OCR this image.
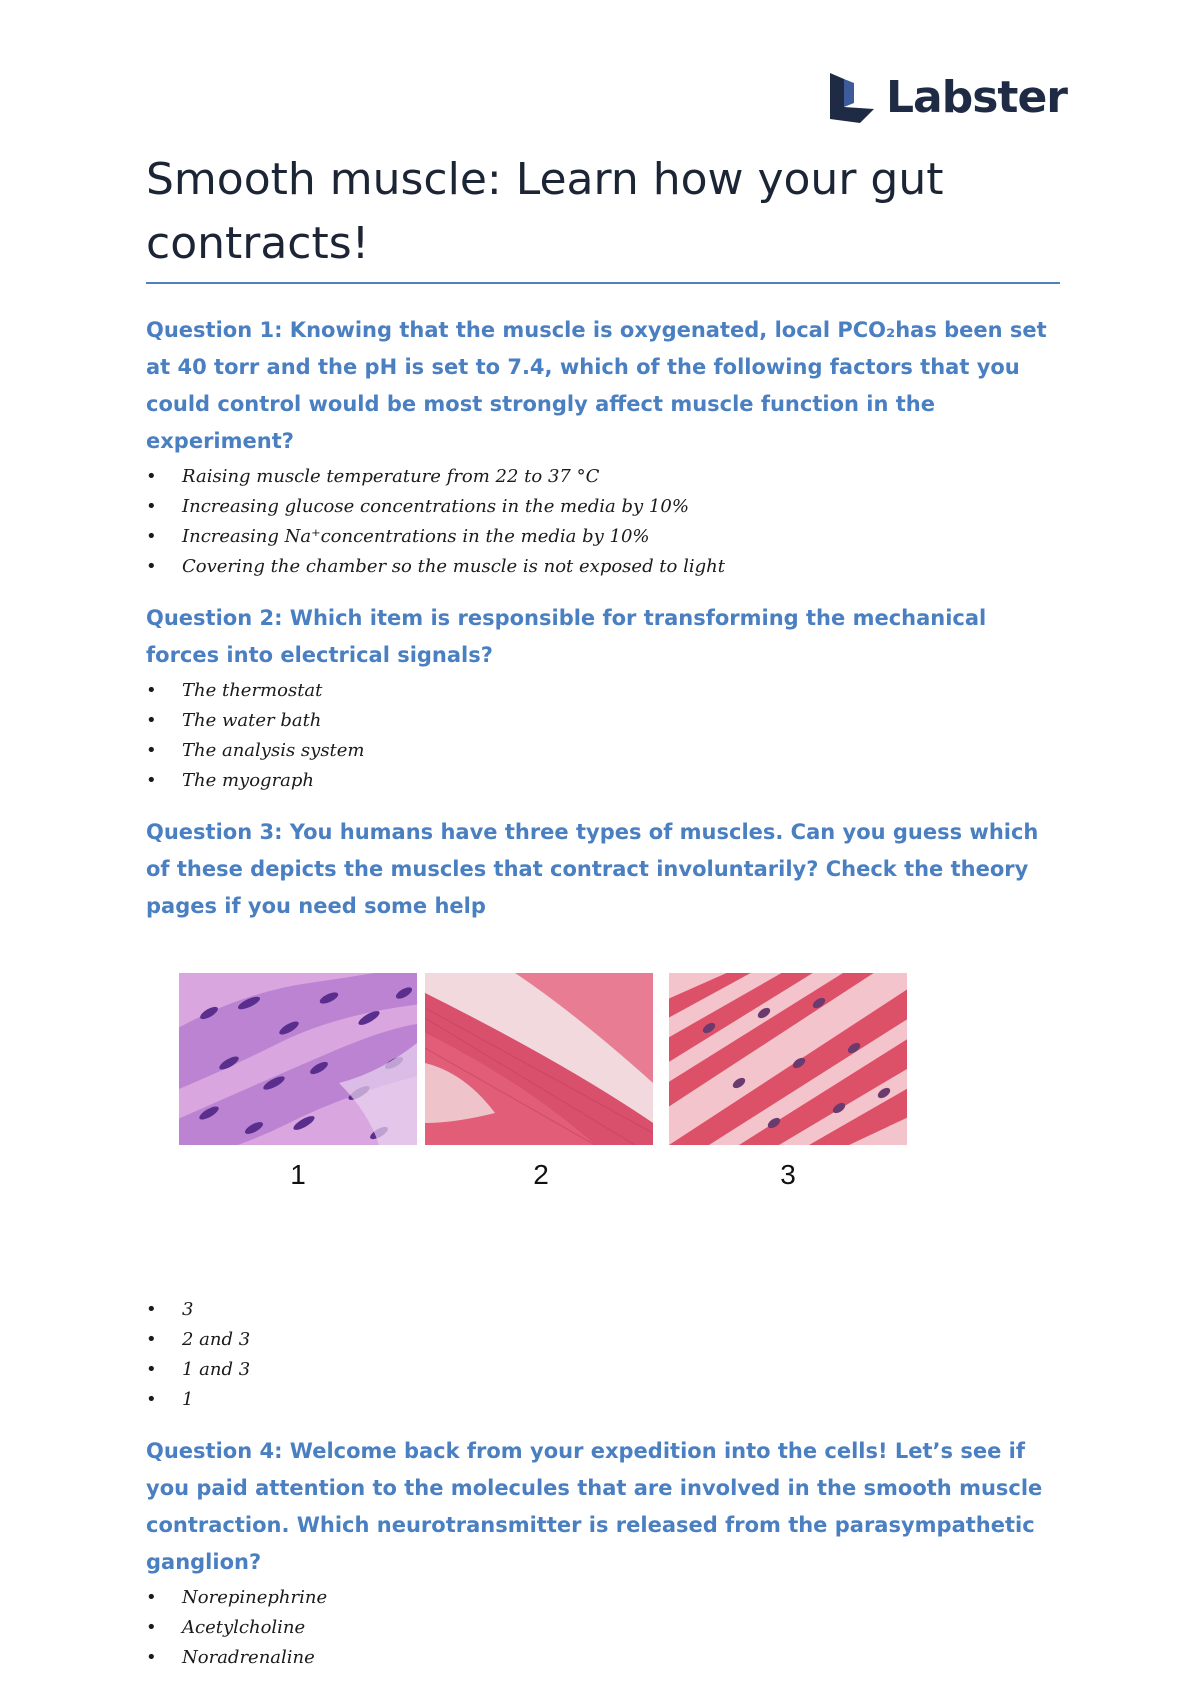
Labster
Smooth muscle: Learn how your gut contracts!

Question 1: Knowing that the muscle is oxygenated, local PCO₂has been set at 40 torr and the pH is set to 7.4, which of the following factors that you could control would be most strongly affect muscle function in the experiment?

• Raising muscle temperature from 22 to 37 °C
• Increasing glucose concentrations in the media by 10%
• Increasing Na⁺concentrations in the media by 10%
• Covering the chamber so the muscle is not exposed to light

Question 2: Which item is responsible for transforming the mechanical forces into electrical signals?

• The thermostat
• The water bath
• The analysis system
• The myograph

Question 3: You humans have three types of muscles. Can you guess which of these depicts the muscles that contract involuntarily? Check the theory pages if you need some help

1	2	3
• 3
• 2 and 3
• 1 and 3
• 1

Question 4: Welcome back from your expedition into the cells! Let’s see if you paid attention to the molecules that are involved in the smooth muscle contraction. Which neurotransmitter is released from the parasympathetic ganglion?

• Norepinephrine
• Acetylcholine
• Noradrenaline
